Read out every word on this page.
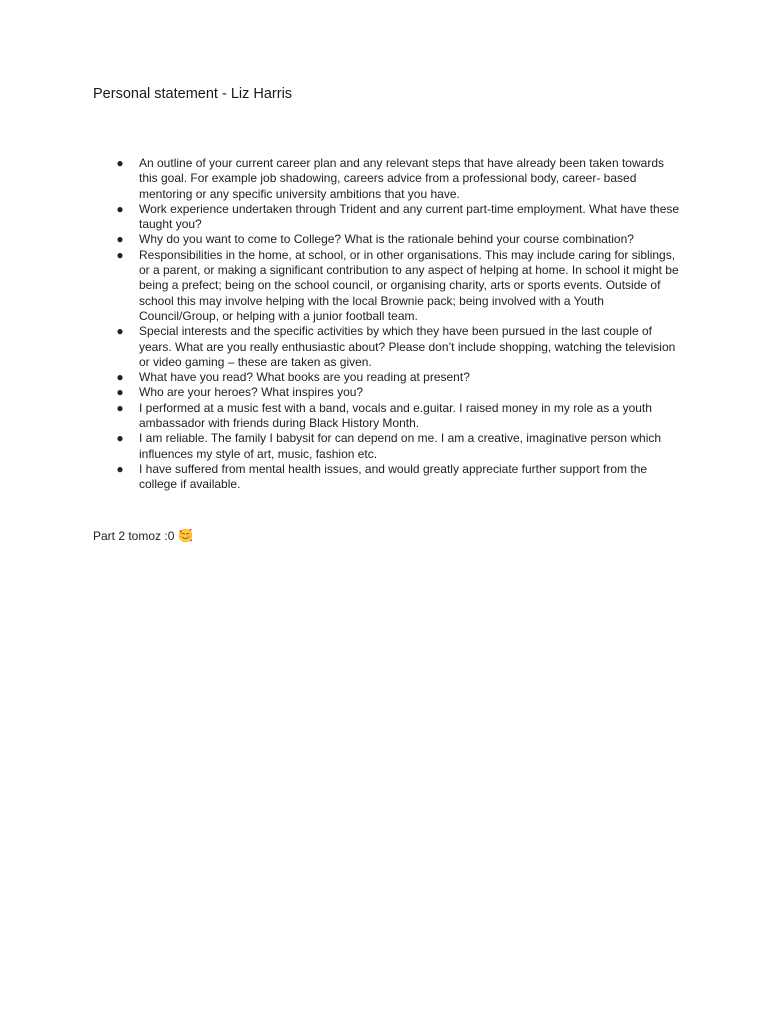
Personal statement - Liz Harris
● An outline of your current career plan and any relevant steps that have already been taken towards this goal. For example job shadowing, careers advice from a professional body, career- based mentoring or any specific university ambitions that you have.
● Work experience undertaken through Trident and any current part-time employment. What have these taught you?
● Why do you want to come to College? What is the rationale behind your course combination?
● Responsibilities in the home, at school, or in other organisations. This may include caring for siblings, or a parent, or making a significant contribution to any aspect of helping at home. In school it might be being a prefect; being on the school council, or organising charity, arts or sports events. Outside of school this may involve helping with the local Brownie pack; being involved with a Youth Council/Group, or helping with a junior football team.
● Special interests and the specific activities by which they have been pursued in the last couple of years. What are you really enthusiastic about? Please don’t include shopping, watching the television or video gaming – these are taken as given.
● What have you read? What books are you reading at present?
● Who are your heroes? What inspires you?
● I performed at a music fest with a band, vocals and e.guitar. I raised money in my role as a youth ambassador with friends during Black History Month.
● I am reliable. The family I babysit for can depend on me. I am a creative, imaginative person which influences my style of art, music, fashion etc.
● I have suffered from mental health issues, and would greatly appreciate further support from the college if available.
Part 2 tomoz :0
